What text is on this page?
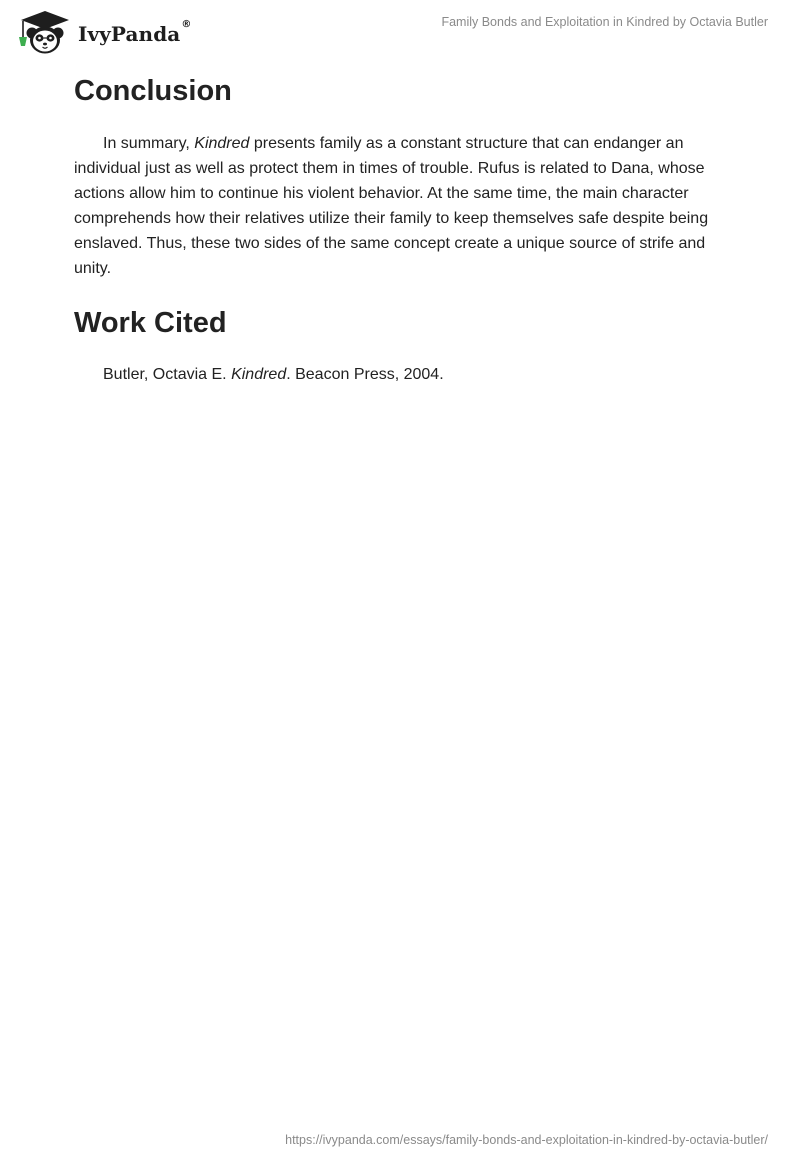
IvyPanda®	Family Bonds and Exploitation in Kindred by Octavia Butler
Conclusion

In summary, Kindred presents family as a constant structure that can endanger an individual just as well as protect them in times of trouble. Rufus is related to Dana, whose actions allow him to continue his violent behavior. At the same time, the main character comprehends how their relatives utilize their family to keep themselves safe despite being enslaved. Thus, these two sides of the same concept create a unique source of strife and unity.

Work Cited

Butler, Octavia E. Kindred. Beacon Press, 2004.

https://ivypanda.com/essays/family-bonds-and-exploitation-in-kindred-by-octavia-butler/
